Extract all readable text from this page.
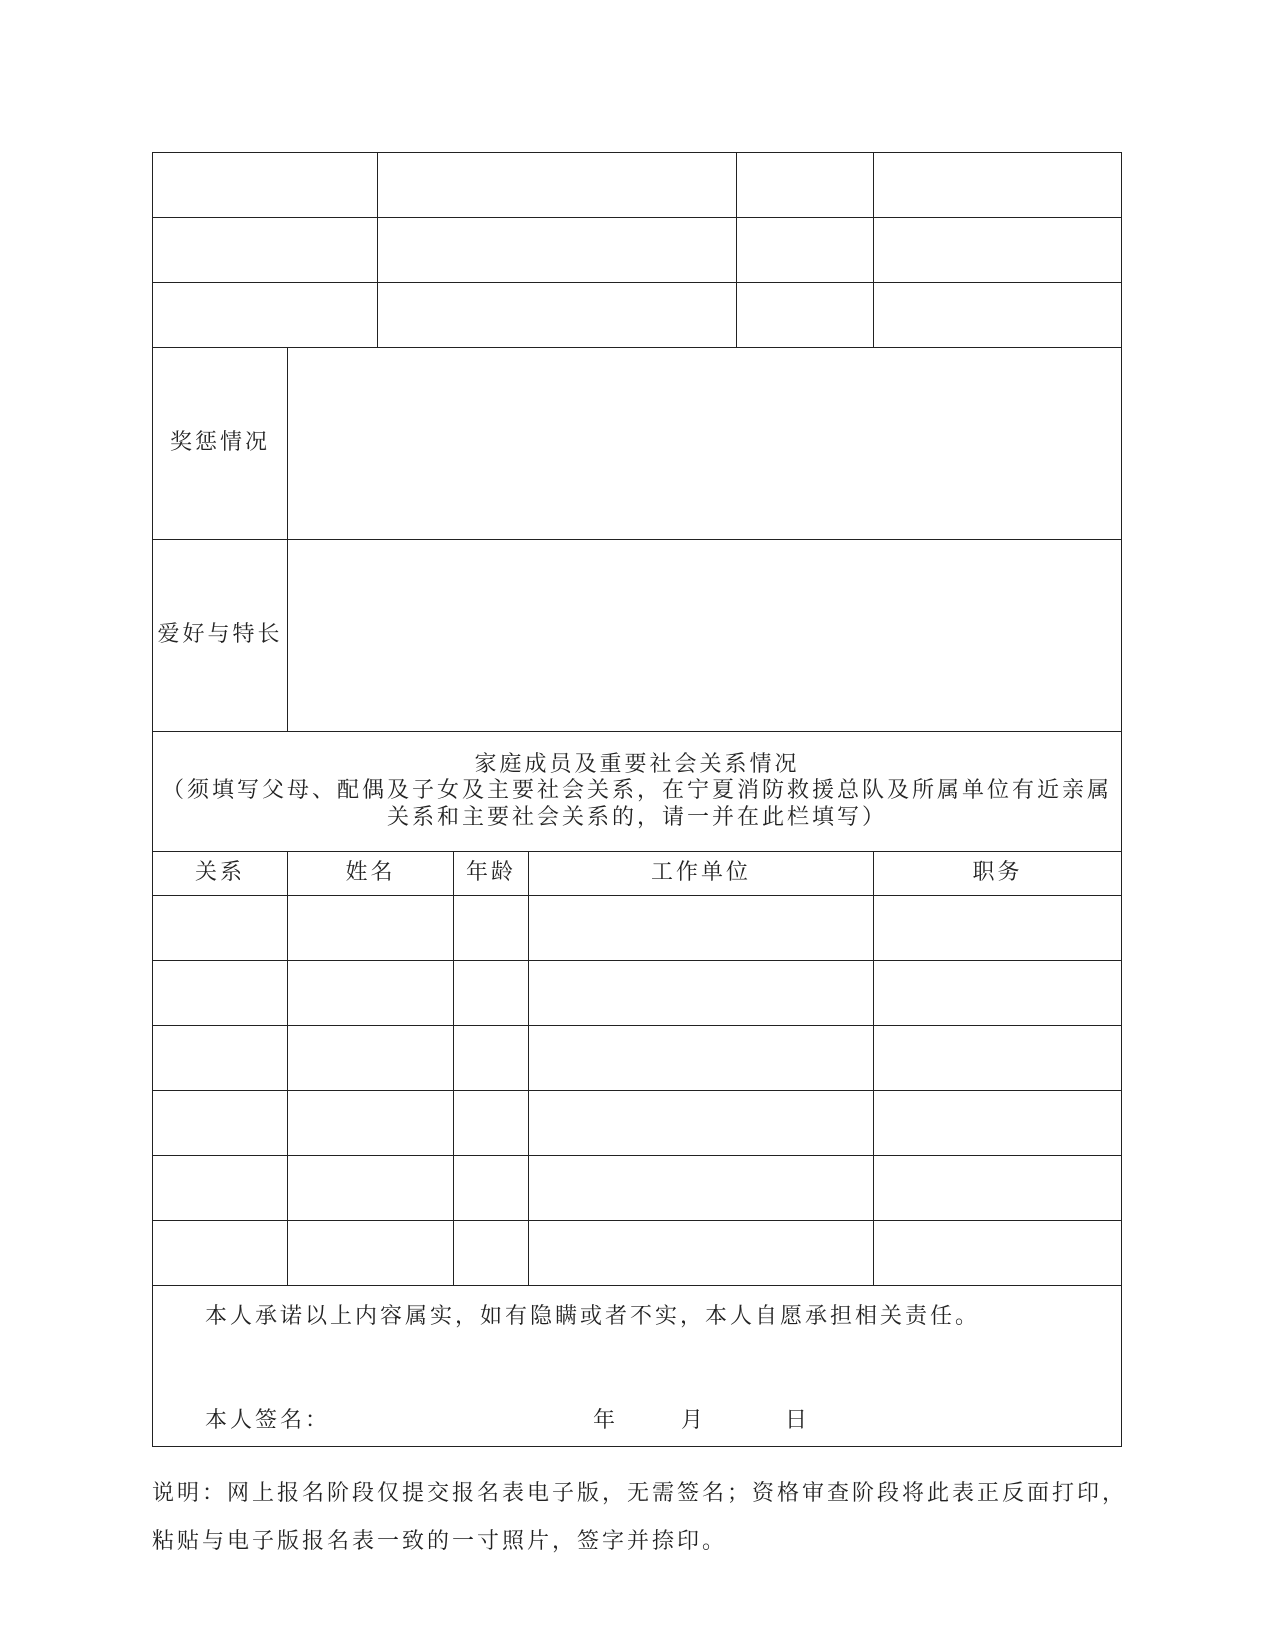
奖惩情况						
爱好与特长						

家庭成员及重要社会关系情况
（须填写父母、配偶及子女及主要社会关系，在宁夏消防救援总队及所属单位有近亲属
关系和主要社会关系的，请一并在此栏填写）						

关系	姓名		年龄	工作单位		职务

本人承诺以上内容属实，如有隐瞒或者不实，本人自愿承担相关责任。
本人签名： 年 月 日						
说明：网上报名阶段仅提交报名表电子版，无需签名；资格审查阶段将此表正反面打印，
粘贴与电子版报名表一致的一寸照片，签字并捺印。
